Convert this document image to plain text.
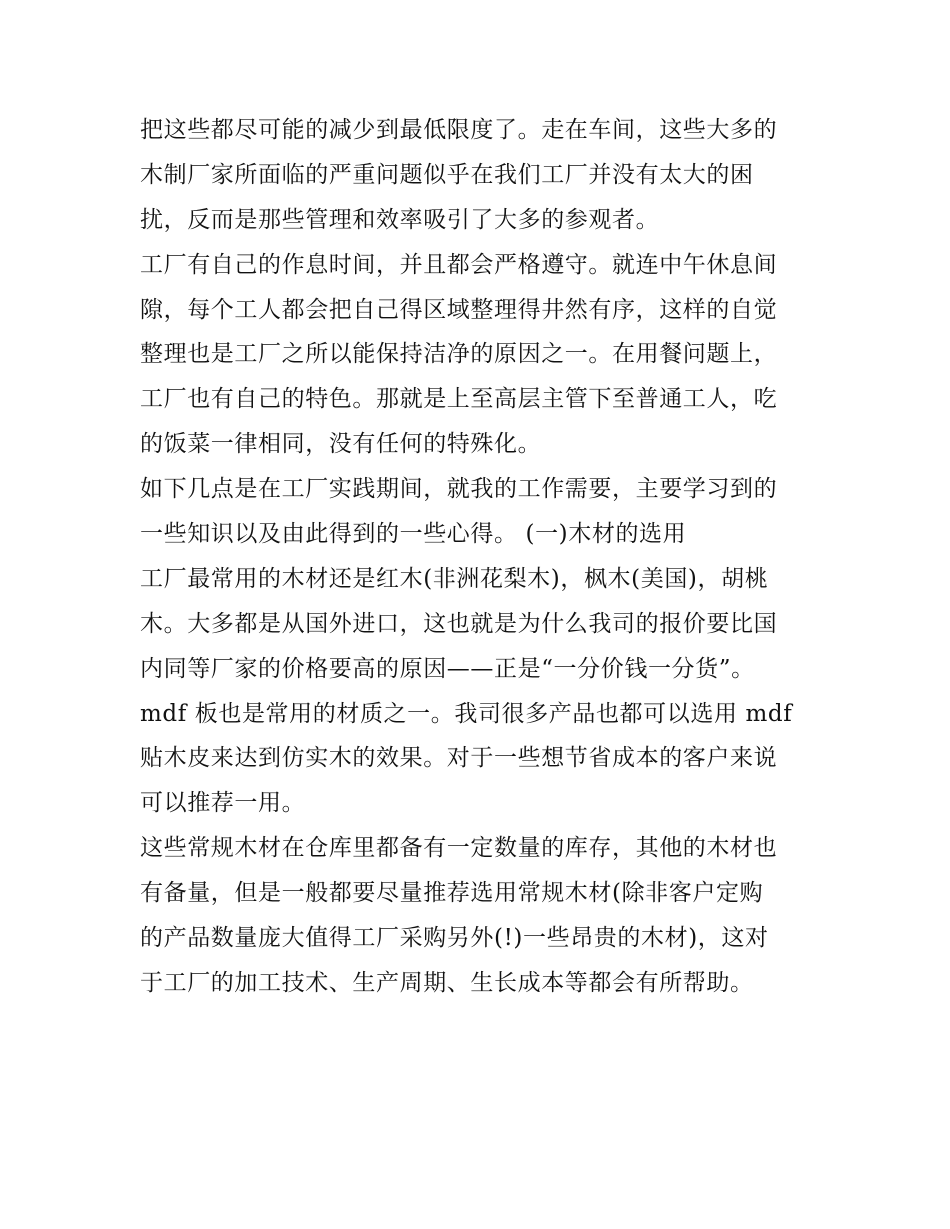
把这些都尽可能的减少到最低限度了。走在车间，这些大多的
木制厂家所面临的严重问题似乎在我们工厂并没有太大的困
扰，反而是那些管理和效率吸引了大多的参观者。
工厂有自己的作息时间，并且都会严格遵守。就连中午休息间
隙，每个工人都会把自己得区域整理得井然有序，这样的自觉
整理也是工厂之所以能保持洁净的原因之一。在用餐问题上，
工厂也有自己的特色。那就是上至高层主管下至普通工人，吃
的饭菜一律相同，没有任何的特殊化。
如下几点是在工厂实践期间，就我的工作需要，主要学习到的
一些知识以及由此得到的一些心得。 (一)木材的选用
工厂最常用的木材还是红木(非洲花梨木)，枫木(美国)，胡桃
木。大多都是从国外进口，这也就是为什么我司的报价要比国
内同等厂家的价格要高的原因——正是“一分价钱一分货”。
mdf 板也是常用的材质之一。我司很多产品也都可以选用 mdf
贴木皮来达到仿实木的效果。对于一些想节省成本的客户来说
可以推荐一用。
这些常规木材在仓库里都备有一定数量的库存，其他的木材也
有备量，但是一般都要尽量推荐选用常规木材(除非客户定购
的产品数量庞大值得工厂采购另外(!)一些昂贵的木材)，这对
于工厂的加工技术、生产周期、生长成本等都会有所帮助。
